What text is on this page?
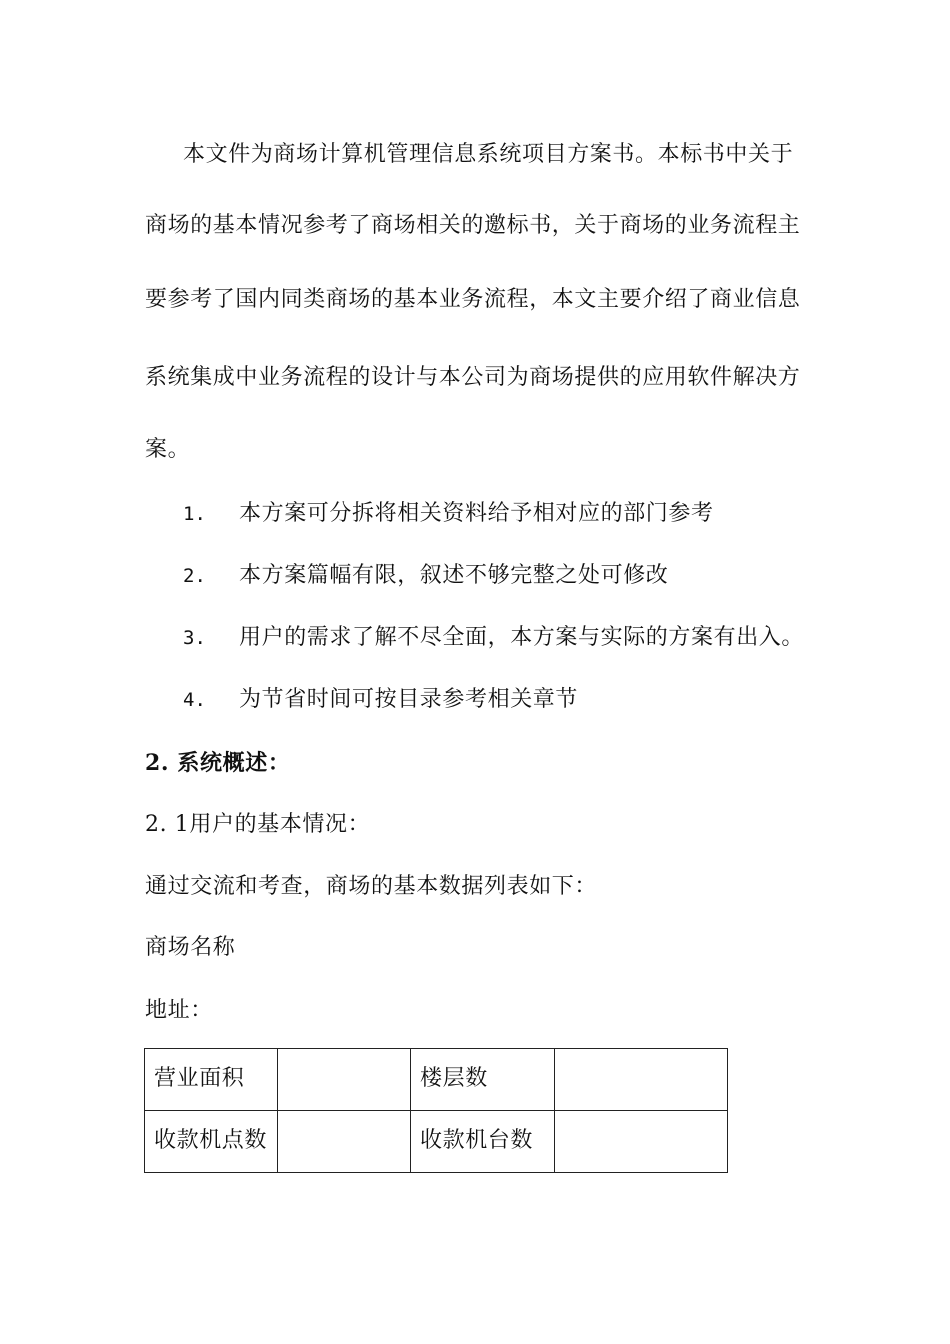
本文件为商场计算机管理信息系统项目方案书。本标书中关于
商场的基本情况参考了商场相关的邀标书，关于商场的业务流程主
要参考了国内同类商场的基本业务流程，本文主要介绍了商业信息
系统集成中业务流程的设计与本公司为商场提供的应用软件解决方
案。
1. 本方案可分拆将相关资料给予相对应的部门参考
2. 本方案篇幅有限，叙述不够完整之处可修改
3. 用户的需求了解不尽全面，本方案与实际的方案有出入。
4. 为节省时间可按目录参考相关章节
2. 系统概述：
2. 1用户的基本情况：
通过交流和考查，商场的基本数据列表如下：
商场名称
地址：
营业面积		楼层数	
收款机点数		收款机台数	
